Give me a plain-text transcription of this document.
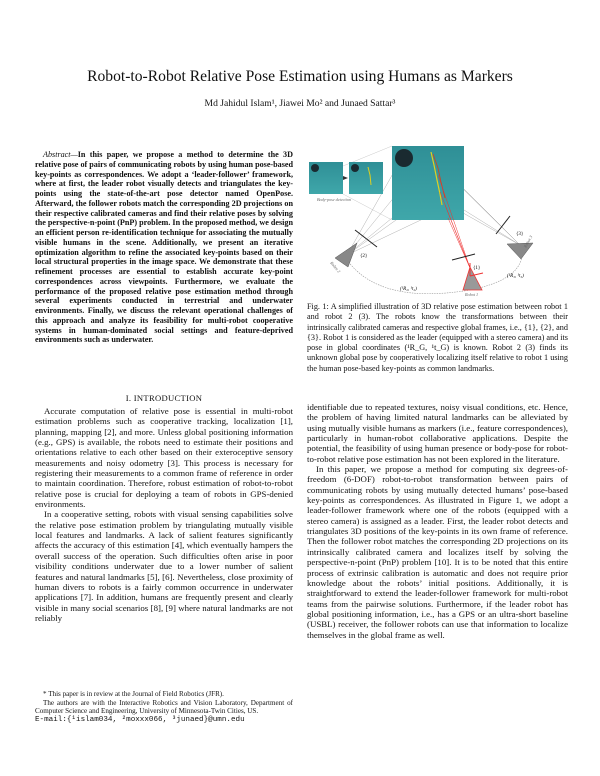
Robot-to-Robot Relative Pose Estimation using Humans as Markers
Md Jahidul Islam¹, Jiawei Mo² and Junaed Sattar³
Abstract—In this paper, we propose a method to determine the 3D relative pose of pairs of communicating robots by using human pose-based key-points as correspondences. We adopt a ‘leader-follower’ framework, where at first, the leader robot visually detects and triangulates the key-points using the state-of-the-art pose detector named OpenPose. Afterward, the follower robots match the corresponding 2D projections on their respective calibrated cameras and find their relative poses by solving the perspective-n-point (PnP) problem. In the proposed method, we design an efficient person re-identification technique for associating the mutually visible humans in the scene. Additionally, we present an iterative optimization algorithm to refine the associated key-points based on their local structural properties in the image space. We demonstrate that these refinement processes are essential to establish accurate key-point correspondences across viewpoints. Furthermore, we evaluate the performance of the proposed relative pose estimation method through several experiments conducted in terrestrial and underwater environments. Finally, we discuss the relevant operational challenges of this approach and analyze its feasibility for multi-robot cooperative systems in human-dominated social settings and feature-deprived environments such as underwater.
Body-pose detection
{2}
{3}
{1}
Robot 1
Robot 2
Robot 3
(¹R₂, ¹t₂)
(¹R₃, ¹t₃)
Fig. 1: A simplified illustration of 3D relative pose estimation between robot 1 and robot 2 (3). The robots know the transformations between their intrinsically calibrated cameras and respective global frames, i.e., {1}, {2}, and {3}. Robot 1 is considered as the leader (equipped with a stereo camera) and its pose in global coordinates (¹R_G, ¹t_G) is known. Robot 2 (3) finds its unknown global pose by cooperatively localizing itself relative to robot 1 using the human pose-based key-points as common landmarks.
I. INTRODUCTION

Accurate computation of relative pose is essential in multi-robot estimation problems such as cooperative tracking, localization [1], planning, mapping [2], and more. Unless global positioning information (e.g., GPS) is available, the robots need to estimate their positions and orientations relative to each other based on their exteroceptive sensory measurements and noisy odometry [3]. This process is necessary for registering their measurements to a common frame of reference in order to maintain coordination. Therefore, robust estimation of robot-to-robot relative pose is crucial for deploying a team of robots in GPS-denied environments.

In a cooperative setting, robots with visual sensing capabilities solve the relative pose estimation problem by triangulating mutually visible local features and landmarks. A lack of salient features significantly affects the accuracy of this estimation [4], which eventually hampers the overall success of the operation. Such difficulties often arise in poor visibility conditions underwater due to a lower number of salient features and natural landmarks [5], [6]. Nevertheless, close proximity of human divers to robots is a fairly common occurrence in underwater applications [7]. In addition, humans are frequently present and clearly visible in many social scenarios [8], [9] where natural landmarks are not reliably

identifiable due to repeated textures, noisy visual conditions, etc. Hence, the problem of having limited natural landmarks can be alleviated by using mutually visible humans as markers (i.e., feature correspondences), particularly in human-robot collaborative applications. Despite the potential, the feasibility of using human presence or body-pose for robot-to-robot relative pose estimation has not been explored in the literature.

In this paper, we propose a method for computing six degrees-of-freedom (6-DOF) robot-to-robot transformation between pairs of communicating robots by using mutually detected humans’ pose-based key-points as correspondences. As illustrated in Figure 1, we adopt a leader-follower framework where one of the robots (equipped with a stereo camera) is assigned as a leader. First, the leader robot detects and triangulates 3D positions of the key-points in its own frame of reference. Then the follower robot matches the corresponding 2D projections on its intrinsically calibrated camera and localizes itself by solving the perspective-n-point (PnP) problem [10]. It is to be noted that this entire process of extrinsic calibration is automatic and does not require prior knowledge about the robots’ initial positions. Additionally, it is straightforward to extend the leader-follower framework for multi-robot teams from the pairwise solutions. Furthermore, if the leader robot has global positioning information, i.e., has a GPS or an ultra-short baseline (USBL) receiver, the follower robots can use that information to localize themselves in the global frame as well.

* This paper is in review at the Journal of Field Robotics (JFR).

The authors are with the Interactive Robotics and Vision Laboratory, Department of Computer Science and Engineering, University of Minnesota-Twin Cities, US.

E-mail:{¹islam034, ²moxxx066, ³junaed}@umn.edu
